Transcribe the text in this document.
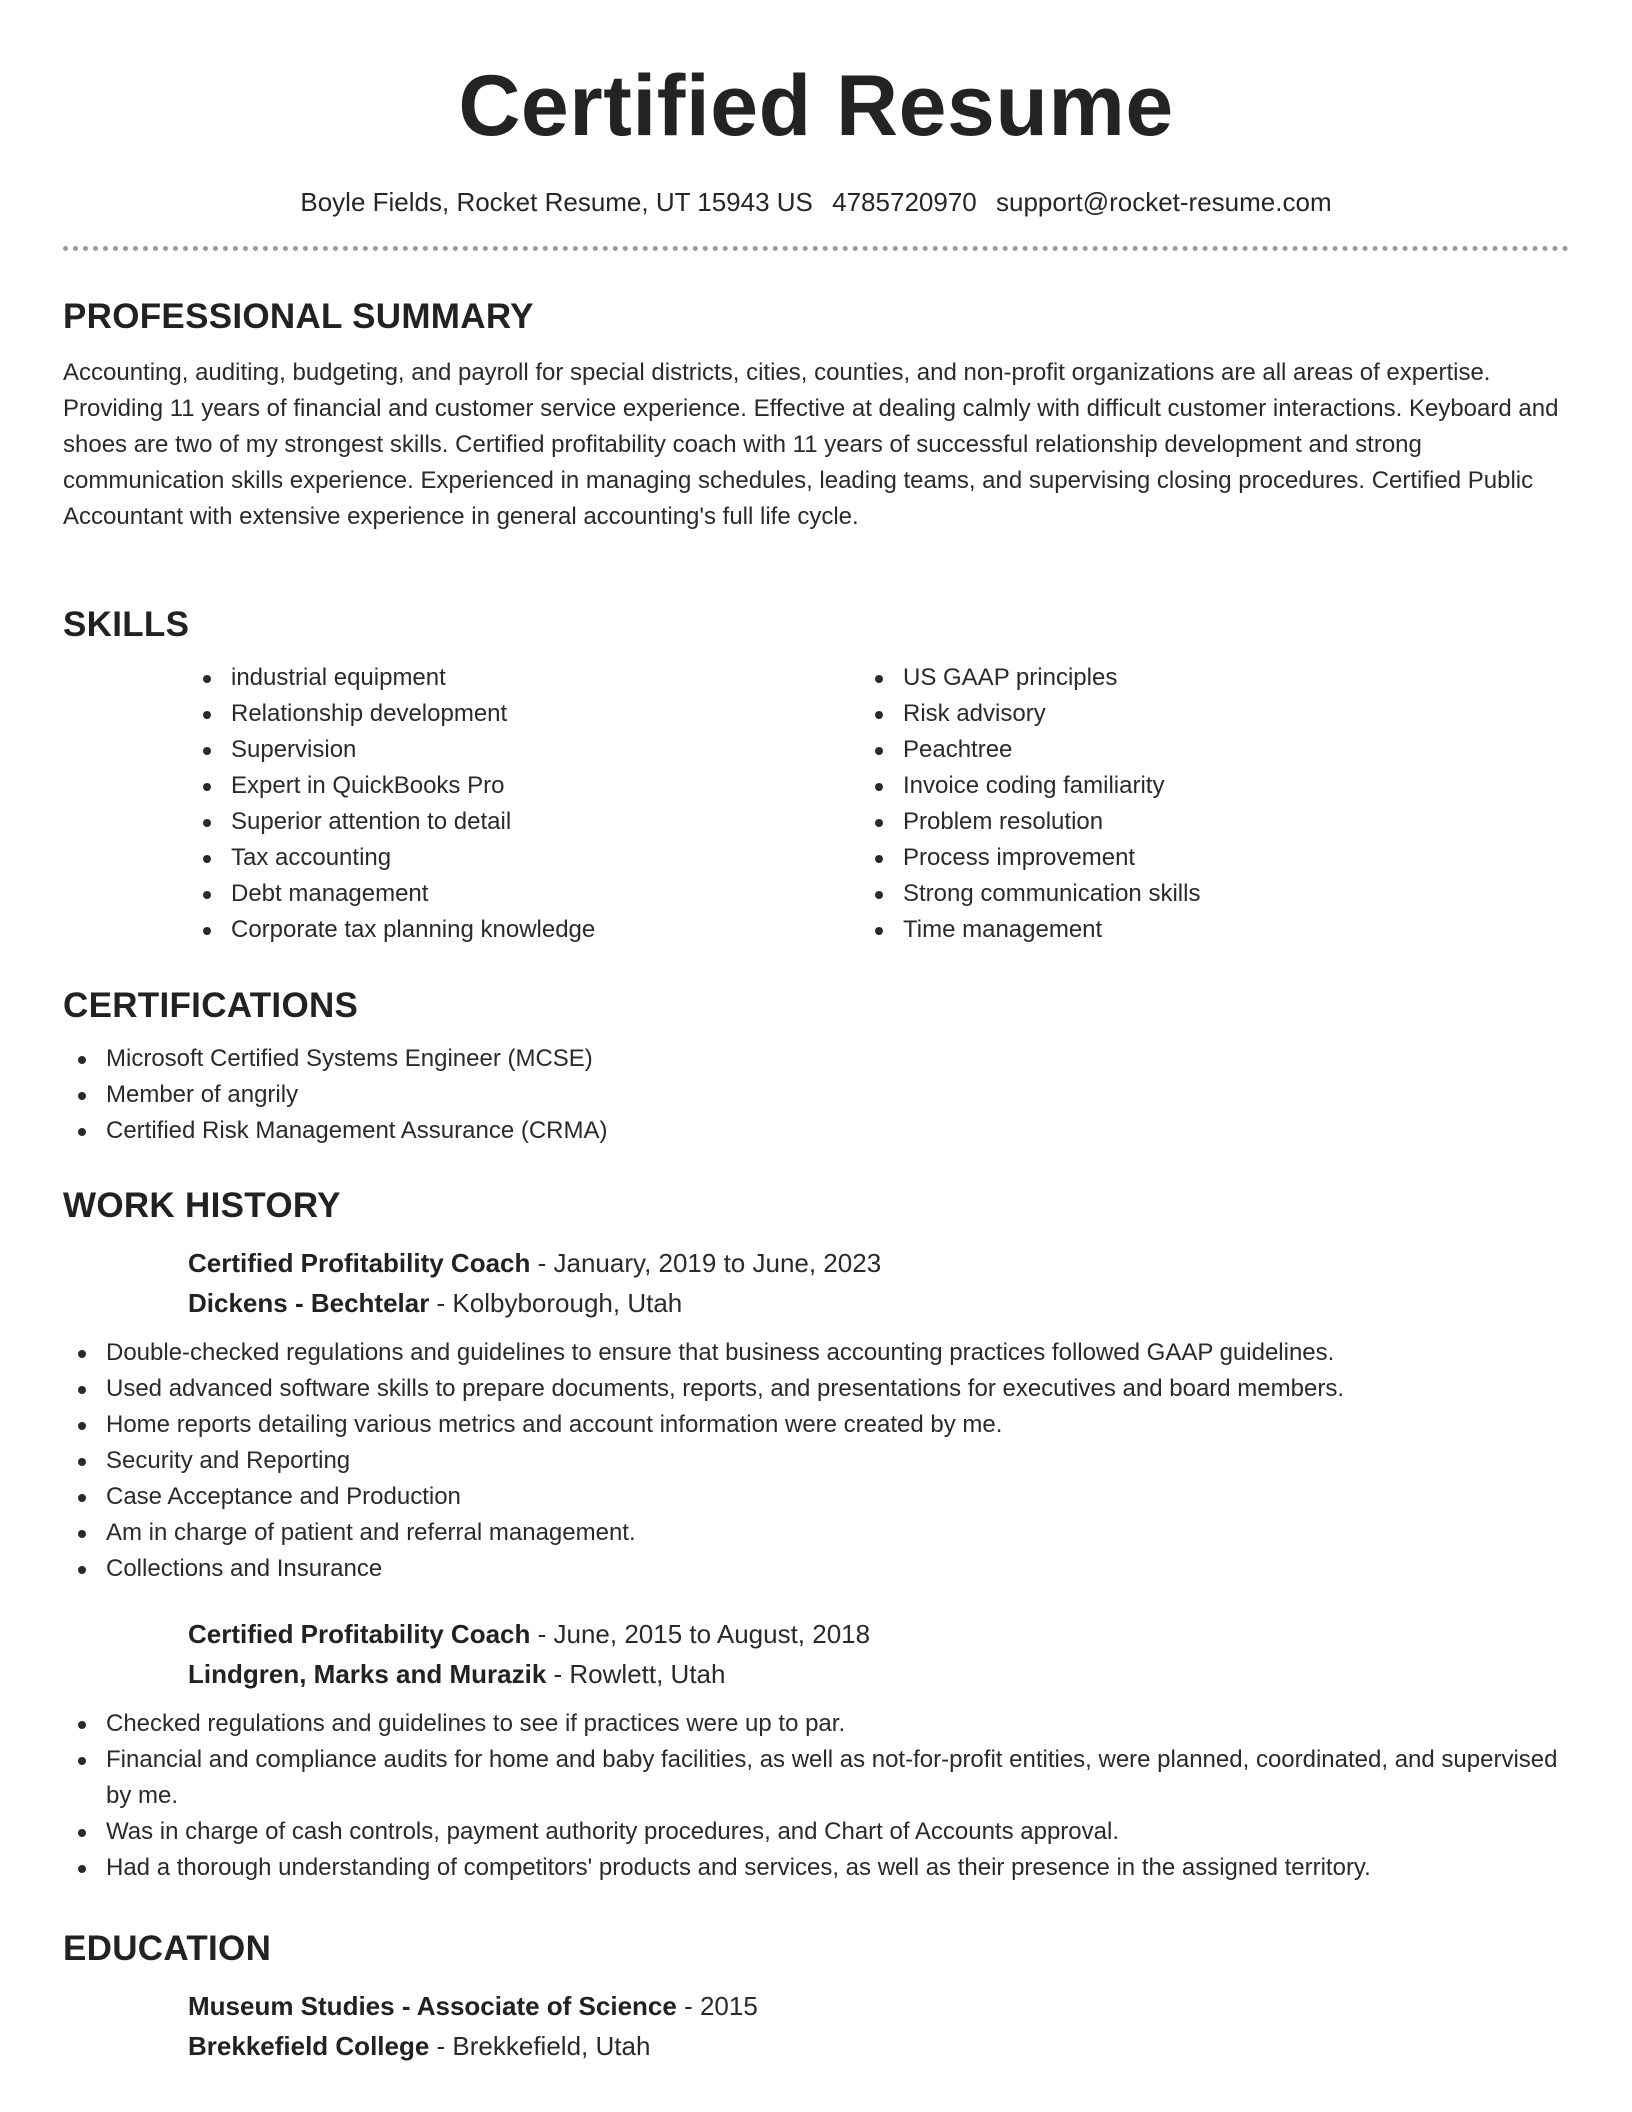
Certified Resume
Boyle Fields, Rocket Resume, UT 15943 US 4785720970 support@rocket-resume.com
PROFESSIONAL SUMMARY

Accounting, auditing, budgeting, and payroll for special districts, cities, counties, and non-profit organizations are all areas of expertise. Providing 11 years of financial and customer service experience. Effective at dealing calmly with difficult customer interactions. Keyboard and shoes are two of my strongest skills. Certified profitability coach with 11 years of successful relationship development and strong communication skills experience. Experienced in managing schedules, leading teams, and supervising closing procedures. Certified Public Accountant with extensive experience in general accounting's full life cycle.

SKILLS
industrial equipment
Relationship development
Supervision
Expert in QuickBooks Pro
Superior attention to detail
Tax accounting
Debt management
Corporate tax planning knowledge
US GAAP principles
Risk advisory
Peachtree
Invoice coding familiarity
Problem resolution
Process improvement
Strong communication skills
Time management
CERTIFICATIONS
Microsoft Certified Systems Engineer (MCSE)
Member of angrily
Certified Risk Management Assurance (CRMA)
WORK HISTORY
Certified Profitability Coach - January, 2019 to June, 2023
Dickens - Bechtelar - Kolbyborough, Utah
Double-checked regulations and guidelines to ensure that business accounting practices followed GAAP guidelines.
Used advanced software skills to prepare documents, reports, and presentations for executives and board members.
Home reports detailing various metrics and account information were created by me.
Security and Reporting
Case Acceptance and Production
Am in charge of patient and referral management.
Collections and Insurance
Certified Profitability Coach - June, 2015 to August, 2018
Lindgren, Marks and Murazik - Rowlett, Utah
Checked regulations and guidelines to see if practices were up to par.
Financial and compliance audits for home and baby facilities, as well as not-for-profit entities, were planned, coordinated, and supervised by me.
Was in charge of cash controls, payment authority procedures, and Chart of Accounts approval.
Had a thorough understanding of competitors' products and services, as well as their presence in the assigned territory.
EDUCATION
Museum Studies - Associate of Science - 2015
Brekkefield College - Brekkefield, Utah
